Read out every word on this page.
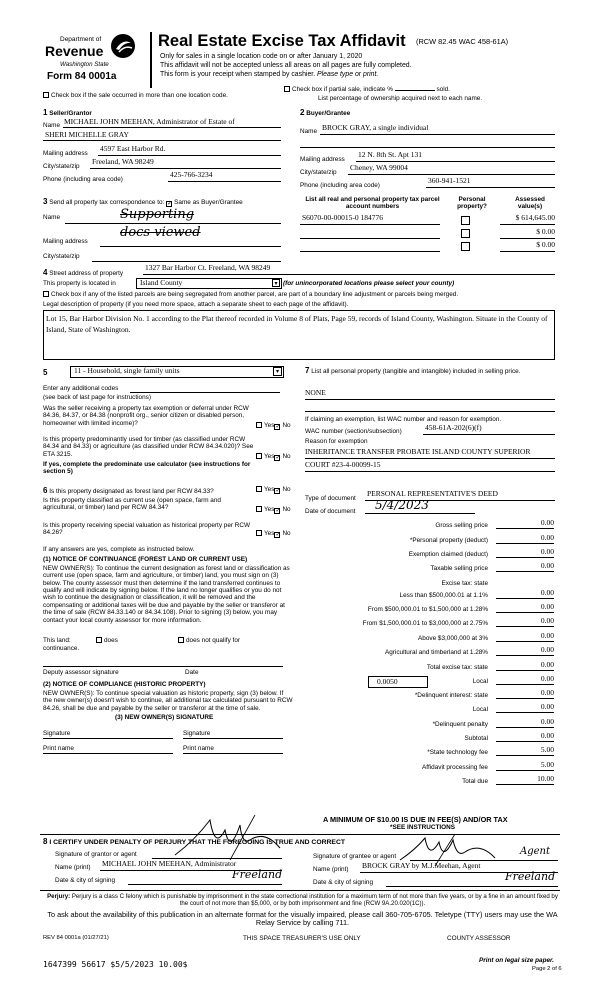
Department of
Revenue
Washington State
Form 84 0001a
Real Estate Excise Tax Affidavit (RCW 82.45 WAC 458-61A)
Only for sales in a single location code on or after January 1, 2020
This affidavit will not be accepted unless all areas on all pages are fully completed.
This form is your receipt when stamped by cashier. Please type or print.
Check box if the sale occurred in more than one location code.
Check box if partial sale, indicate %	sold.
List percentage of ownership acquired next to each name.
1 Seller/Grantor
Name MICHAEL JOHN MEEHAN, Administrator of Estate of
SHERI MICHELLE GRAY
Mailing address
4597 East Harbor Rd.
City/state/zip
Freeland, WA 98249
Phone (including area code)
425-766-3234
2 Buyer/Grantee
Name BROCK GRAY, a single individual
Mailing address
12 N. 8th St. Apt 131
City/state/zip
Cheney, WA 99004
Phone (including area code)
360-941-1521
3 Send all property tax correspondence to: ✓ Same as Buyer/Grantee
Name	Supporting
docs viewed
Mailing address
City/state/zip
List all real and personal property tax parcel account numbers
Personal property?
Assessed value(s)
S6070-00-00015-0 184776	$ 614,645.00
$ 0.00
$ 0.00
4 Street address of property
1327 Bar Harbor Ct. Freeland, WA 98249
This property is located in	Island County	▾ (for unincorporated locations please select your county)
Check box if any of the listed parcels are being segregated from another parcel, are part of a boundary line adjustment or parcels being merged.
Legal description of property (if you need more space, attach a separate sheet to each page of the affidavit).
Lot 15, Bar Harbor Division No. 1 according to the Plat thereof recorded in Volume 8 of Plats, Page 59, records of Island County, Washington. Situate in the County of Island, State of Washington.
5	11 - Household, single family units	▾
Enter any additional codes
(see back of last page for instructions)
Was the seller receiving a property tax exemption or deferral under RCW 84.36, 84.37, or 84.38 (nonprofit org., senior citizen or disabled person, homeowner with limited income)?	Yes✓ No
Is this property predominantly used for timber (as classified under RCW 84.34 and 84.33) or agriculture (as classified under RCW 84.34.020)? See ETA 3215.	Yes✓ No
If yes, complete the predominate use calculator (see instructions for section 5)
6 Is this property designated as forest land per RCW 84.33?	Yes✓ No
Is this property classified as current use (open space, farm and agricultural, or timber) land per RCW 84.34?	Yes✓ No
Is this property receiving special valuation as historical property per RCW 84.26?	Yes✓ No
If any answers are yes, complete as instructed below.
(1) NOTICE OF CONTINUANCE (FOREST LAND OR CURRENT USE)
NEW OWNER(S): To continue the current designation as forest land or classification as current use (open space, farm and agriculture, or timber) land, you must sign on (3) below. The county assessor must then determine if the land transferred continues to qualify and will indicate by signing below. If the land no longer qualifies or you do not wish to continue the designation or classification, it will be removed and the compensating or additional taxes will be due and payable by the seller or transferor at the time of sale (RCW 84.33.140 or 84.34.108). Prior to signing (3) below, you may contact your local county assessor for more information.
This land:	does	does not qualify for
continuance.
Deputy assessor signature	Date
(2) NOTICE OF COMPLIANCE (HISTORIC PROPERTY)
NEW OWNER(S): To continue special valuation as historic property, sign (3) below. If the new owner(s) doesn't wish to continue, all additional tax calculated pursuant to RCW 84.26, shall be due and payable by the seller or transferor at the time of sale.
(3) NEW OWNER(S) SIGNATURE
Signature	Signature
Print name	Print name
7 List all personal property (tangible and intangible) included in selling price.
NONE
If claiming an exemption, list WAC number and reason for exemption.
WAC number (section/subsection)	458-61A-202(6)(f)
Reason for exemption
INHERITANCE TRANSFER PROBATE ISLAND COUNTY SUPERIOR
COURT #23-4-00099-15
Type of document
PERSONAL REPRESENTATIVE'S DEED
Date of document 5/4/2023
Gross selling price	0.00
*Personal property (deduct)	0.00
Exemption claimed (deduct)	0.00
Taxable selling price	0.00
Excise tax: state
Less than $500,000.01 at 1.1%	0.00
From $500,000.01 to $1,500,000 at 1.28%	0.00
From $1,500,000.01 to $3,000,000 at 2.75%	0.00
Above $3,000,000 at 3%	0.00
Agricultural and timberland at 1.28%	0.00
Total excise tax: state	0.00
Local	0.00
*Delinquent interest: state	0.00
Local	0.00
*Delinquent penalty	0.00
Subtotal	0.00
*State technology fee	5.00
Affidavit processing fee	5.00
Total due	10.00
0.0050
A MINIMUM OF $10.00 IS DUE IN FEE(S) AND/OR TAX
*SEE INSTRUCTIONS
8 I CERTIFY UNDER PENALTY OF PERJURY THAT THE FOREGOING IS TRUE AND CORRECT
Signature of grantor or agent
Name (print) MICHAEL JOHN MEEHAN, Administrator
Date & city of signing	Freeland
Signature of grantee or agent	Agent
Name (print) BROCK GRAY by M.J.Meehan, Agent
Date & city of signing	Freeland
Perjury: Perjury is a class C felony which is punishable by imprisonment in the state correctional institution for a maximum term of not more than five years, or by a fine in an amount fixed by the court of not more than $5,000, or by both imprisonment and fine (RCW 9A.20.020(1C)).
To ask about the availability of this publication in an alternate format for the visually impaired, please call 360-705-6705. Teletype (TTY) users may use the WA Relay Service by calling 711.
REV 84 0001a (01/27/21)	THIS SPACE TREASURER'S USE ONLY	COUNTY ASSESSOR
1647399 56617 $5/5/2023 10.00$	Print on legal size paper.
Page 2 of 6
